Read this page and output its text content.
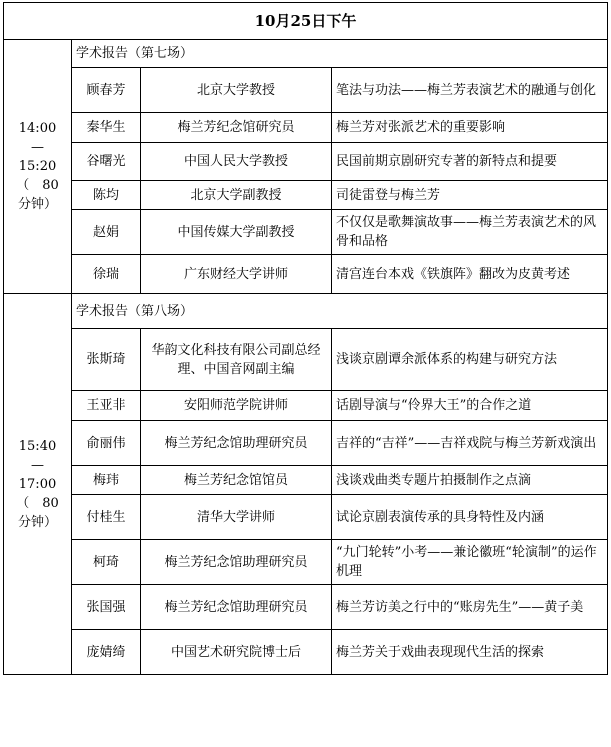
10月25日下午			

14:00
—
15:20
（　80
分钟）	学术报告（第七场）		
	顾春芳	北京大学教授	笔法与功法——梅兰芳表演艺术的融通与创化
	秦华生	梅兰芳纪念馆研究员	梅兰芳对张派艺术的重要影响
	谷曙光	中国人民大学教授	民国前期京剧研究专著的新特点和提要
	陈均	北京大学副教授	司徒雷登与梅兰芳
	赵娟	中国传媒大学副教授	不仅仅是歌舞演故事——梅兰芳表演艺术的风骨和品格
	徐瑞	广东财经大学讲师	清宫连台本戏《铁旗阵》翻改为皮黄考述

15:40
—
17:00
（　80
分钟）	学术报告（第八场）		
	张斯琦	华韵文化科技有限公司副总经理、中国音网副主编	浅谈京剧谭余派体系的构建与研究方法
	王亚非	安阳师范学院讲师	话剧导演与“伶界大王”的合作之道
	俞丽伟	梅兰芳纪念馆助理研究员	吉祥的“吉祥”——吉祥戏院与梅兰芳新戏演出
	梅玮	梅兰芳纪念馆馆员	浅谈戏曲类专题片拍摄制作之点滴
	付桂生	清华大学讲师	试论京剧表演传承的具身特性及内涵
	柯琦	梅兰芳纪念馆助理研究员	“九门轮转”小考——兼论徽班“轮演制”的运作机理
	张国强	梅兰芳纪念馆助理研究员	梅兰芳访美之行中的“账房先生”——黄子美
	庞婧绮	中国艺术研究院博士后	梅兰芳关于戏曲表现现代生活的探索
